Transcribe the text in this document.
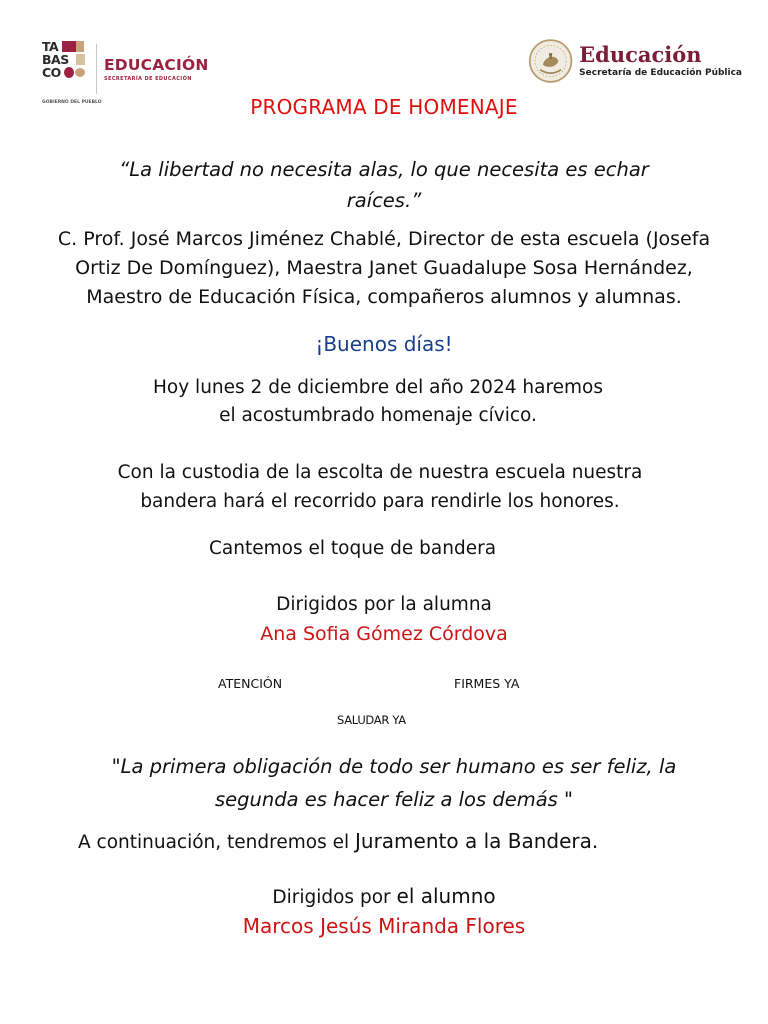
TA
BAS
CO
GOBIERNO DEL PUEBLO
EDUCACIÓN
SECRETARÍA DE EDUCACIÓN
Educación
Secretaría de Educación Pública
PROGRAMA DE HOMENAJE
“La libertad no necesita alas, lo que necesita es echar
raíces.”
C. Prof. José Marcos Jiménez Chablé, Director de esta escuela (Josefa Ortiz De Domínguez), Maestra Janet Guadalupe Sosa Hernández, Maestro de Educación Física, compañeros alumnos y alumnas.
¡Buenos días!
Hoy lunes 2 de diciembre del año 2024 haremos
el acostumbrado homenaje cívico.
Con la custodia de la escolta de nuestra escuela nuestra
bandera hará el recorrido para rendirle los honores.
Cantemos el toque de bandera
Dirigidos por la alumna
Ana Sofia Gómez Córdova
ATENCIÓN	FIRMES YA
SALUDAR YA
"La primera obligación de todo ser humano es ser feliz, la
segunda es hacer feliz a los demás "
A continuación, tendremos el Juramento a la Bandera.
Dirigidos por el alumno
Marcos Jesús Miranda Flores
